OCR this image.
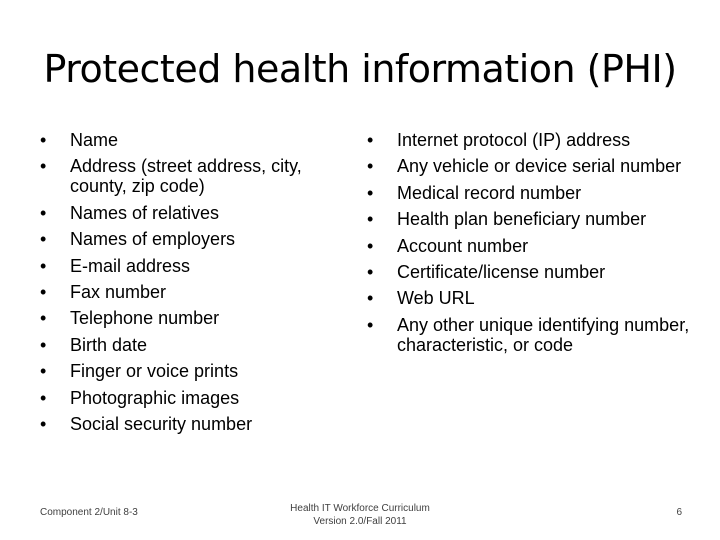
Protected health information (PHI)
• Name
• Address (street address, city, county, zip code)
• Names of relatives
• Names of employers
• E-mail address
• Fax number
• Telephone number
• Birth date
• Finger or voice prints
• Photographic images
• Social security number
• Internet protocol (IP) address
• Any vehicle or device serial number
• Medical record number
• Health plan beneficiary number
• Account number
• Certificate/license number
• Web URL
• Any other unique identifying number, characteristic, or code
Component 2/Unit 8-3	Health IT Workforce Curriculum
Version 2.0/Fall 2011
6
